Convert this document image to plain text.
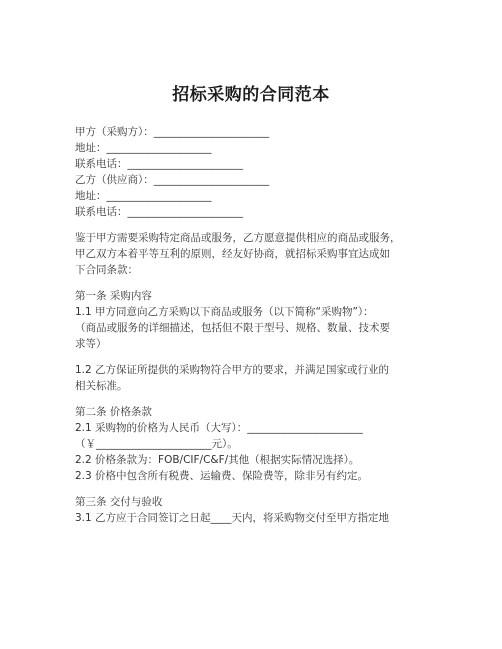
招标采购的合同范本
甲方（采购方）：______________________
地址：____________________
联系电话：______________________
乙方（供应商）：______________________
地址：____________________
联系电话：______________________
鉴于甲方需要采购特定商品或服务，乙方愿意提供相应的商品或服务，
甲乙双方本着平等互利的原则，经友好协商，就招标采购事宜达成如
下合同条款：
第一条 采购内容
1.1 甲方同意向乙方采购以下商品或服务（以下简称“采购物”）：
（商品或服务的详细描述，包括但不限于型号、规格、数量、技术要
求等）
1.2 乙方保证所提供的采购物符合甲方的要求，并满足国家或行业的
相关标准。
第二条 价格条款
2.1 采购物的价格为人民币（大写）：______________________
（￥______________________元）。
2.2 价格条款为：FOB/CIF/C&F/其他（根据实际情况选择）。
2.3 价格中包含所有税费、运输费、保险费等，除非另有约定。
第三条 交付与验收
3.1 乙方应于合同签订之日起____天内，将采购物交付至甲方指定地
